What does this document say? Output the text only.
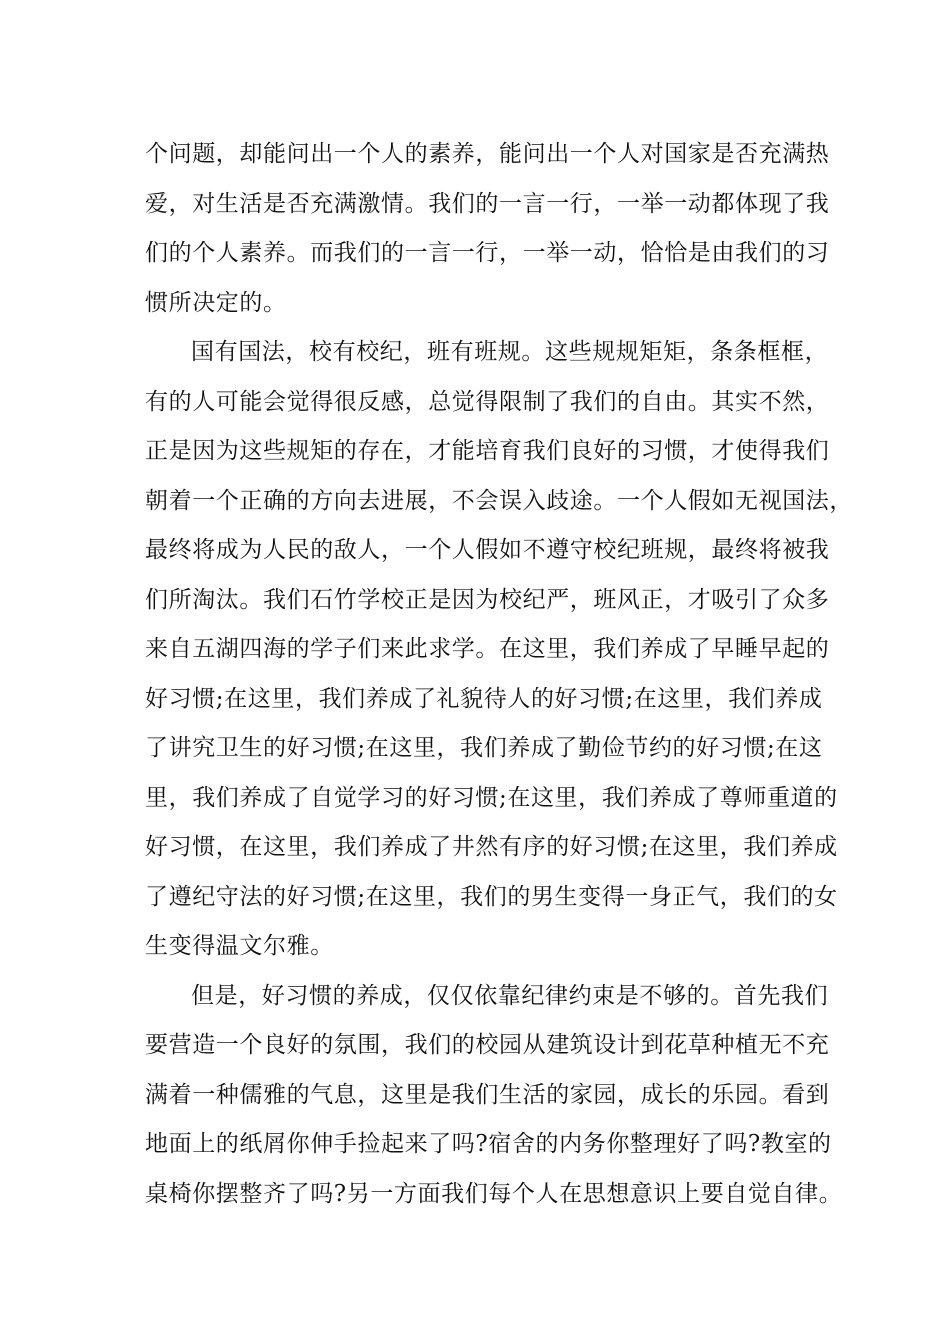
个问题，却能问出一个人的素养，能问出一个人对国家是否充满热
爱，对生活是否充满激情。我们的一言一行，一举一动都体现了我
们的个人素养。而我们的一言一行，一举一动，恰恰是由我们的习
惯所决定的。
国有国法，校有校纪，班有班规。这些规规矩矩，条条框框，
有的人可能会觉得很反感，总觉得限制了我们的自由。其实不然，
正是因为这些规矩的存在，才能培育我们良好的习惯，才使得我们
朝着一个正确的方向去进展，不会误入歧途。一个人假如无视国法，
最终将成为人民的敌人，一个人假如不遵守校纪班规，最终将被我
们所淘汰。我们石竹学校正是因为校纪严，班风正，才吸引了众多
来自五湖四海的学子们来此求学。在这里，我们养成了早睡早起的
好习惯;在这里，我们养成了礼貌待人的好习惯;在这里，我们养成
了讲究卫生的好习惯;在这里，我们养成了勤俭节约的好习惯;在这
里，我们养成了自觉学习的好习惯;在这里，我们养成了尊师重道的
好习惯，在这里，我们养成了井然有序的好习惯;在这里，我们养成
了遵纪守法的好习惯;在这里，我们的男生变得一身正气，我们的女
生变得温文尔雅。
但是，好习惯的养成，仅仅依靠纪律约束是不够的。首先我们
要营造一个良好的氛围，我们的校园从建筑设计到花草种植无不充
满着一种儒雅的气息，这里是我们生活的家园，成长的乐园。看到
地面上的纸屑你伸手捡起来了吗?宿舍的内务你整理好了吗?教室的
桌椅你摆整齐了吗?另一方面我们每个人在思想意识上要自觉自律。
